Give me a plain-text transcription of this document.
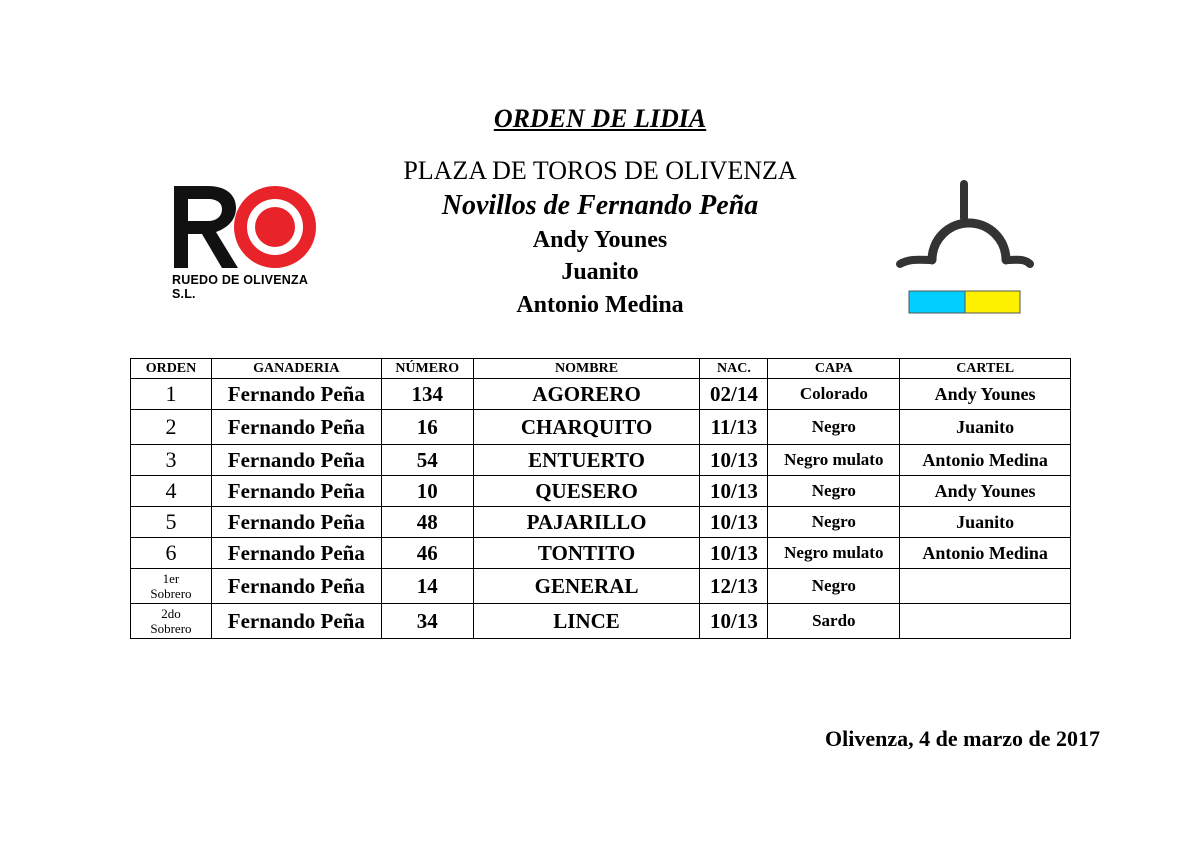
ORDEN DE LIDIA
PLAZA DE TOROS DE OLIVENZA
Novillos de Fernando Peña
Andy Younes
Juanito
Antonio Medina
RUEDO DE OLIVENZA S.L.
ORDEN	GANADERIA	NÚMERO	NOMBRE	NAC.	CAPA	CARTEL
1	Fernando Peña	134	AGORERO	02/14	Colorado	Andy Younes
2	Fernando Peña	16	CHARQUITO	11/13	Negro	Juanito
3	Fernando Peña	54	ENTUERTO	10/13	Negro mulato	Antonio Medina
4	Fernando Peña	10	QUESERO	10/13	Negro	Andy Younes
5	Fernando Peña	48	PAJARILLO	10/13	Negro	Juanito
6	Fernando Peña	46	TONTITO	10/13	Negro mulato	Antonio Medina
1er
Sobrero	Fernando Peña	14	GENERAL	12/13	Negro	
2do
Sobrero	Fernando Peña	34	LINCE	10/13	Sardo	
Olivenza, 4 de marzo de 2017
